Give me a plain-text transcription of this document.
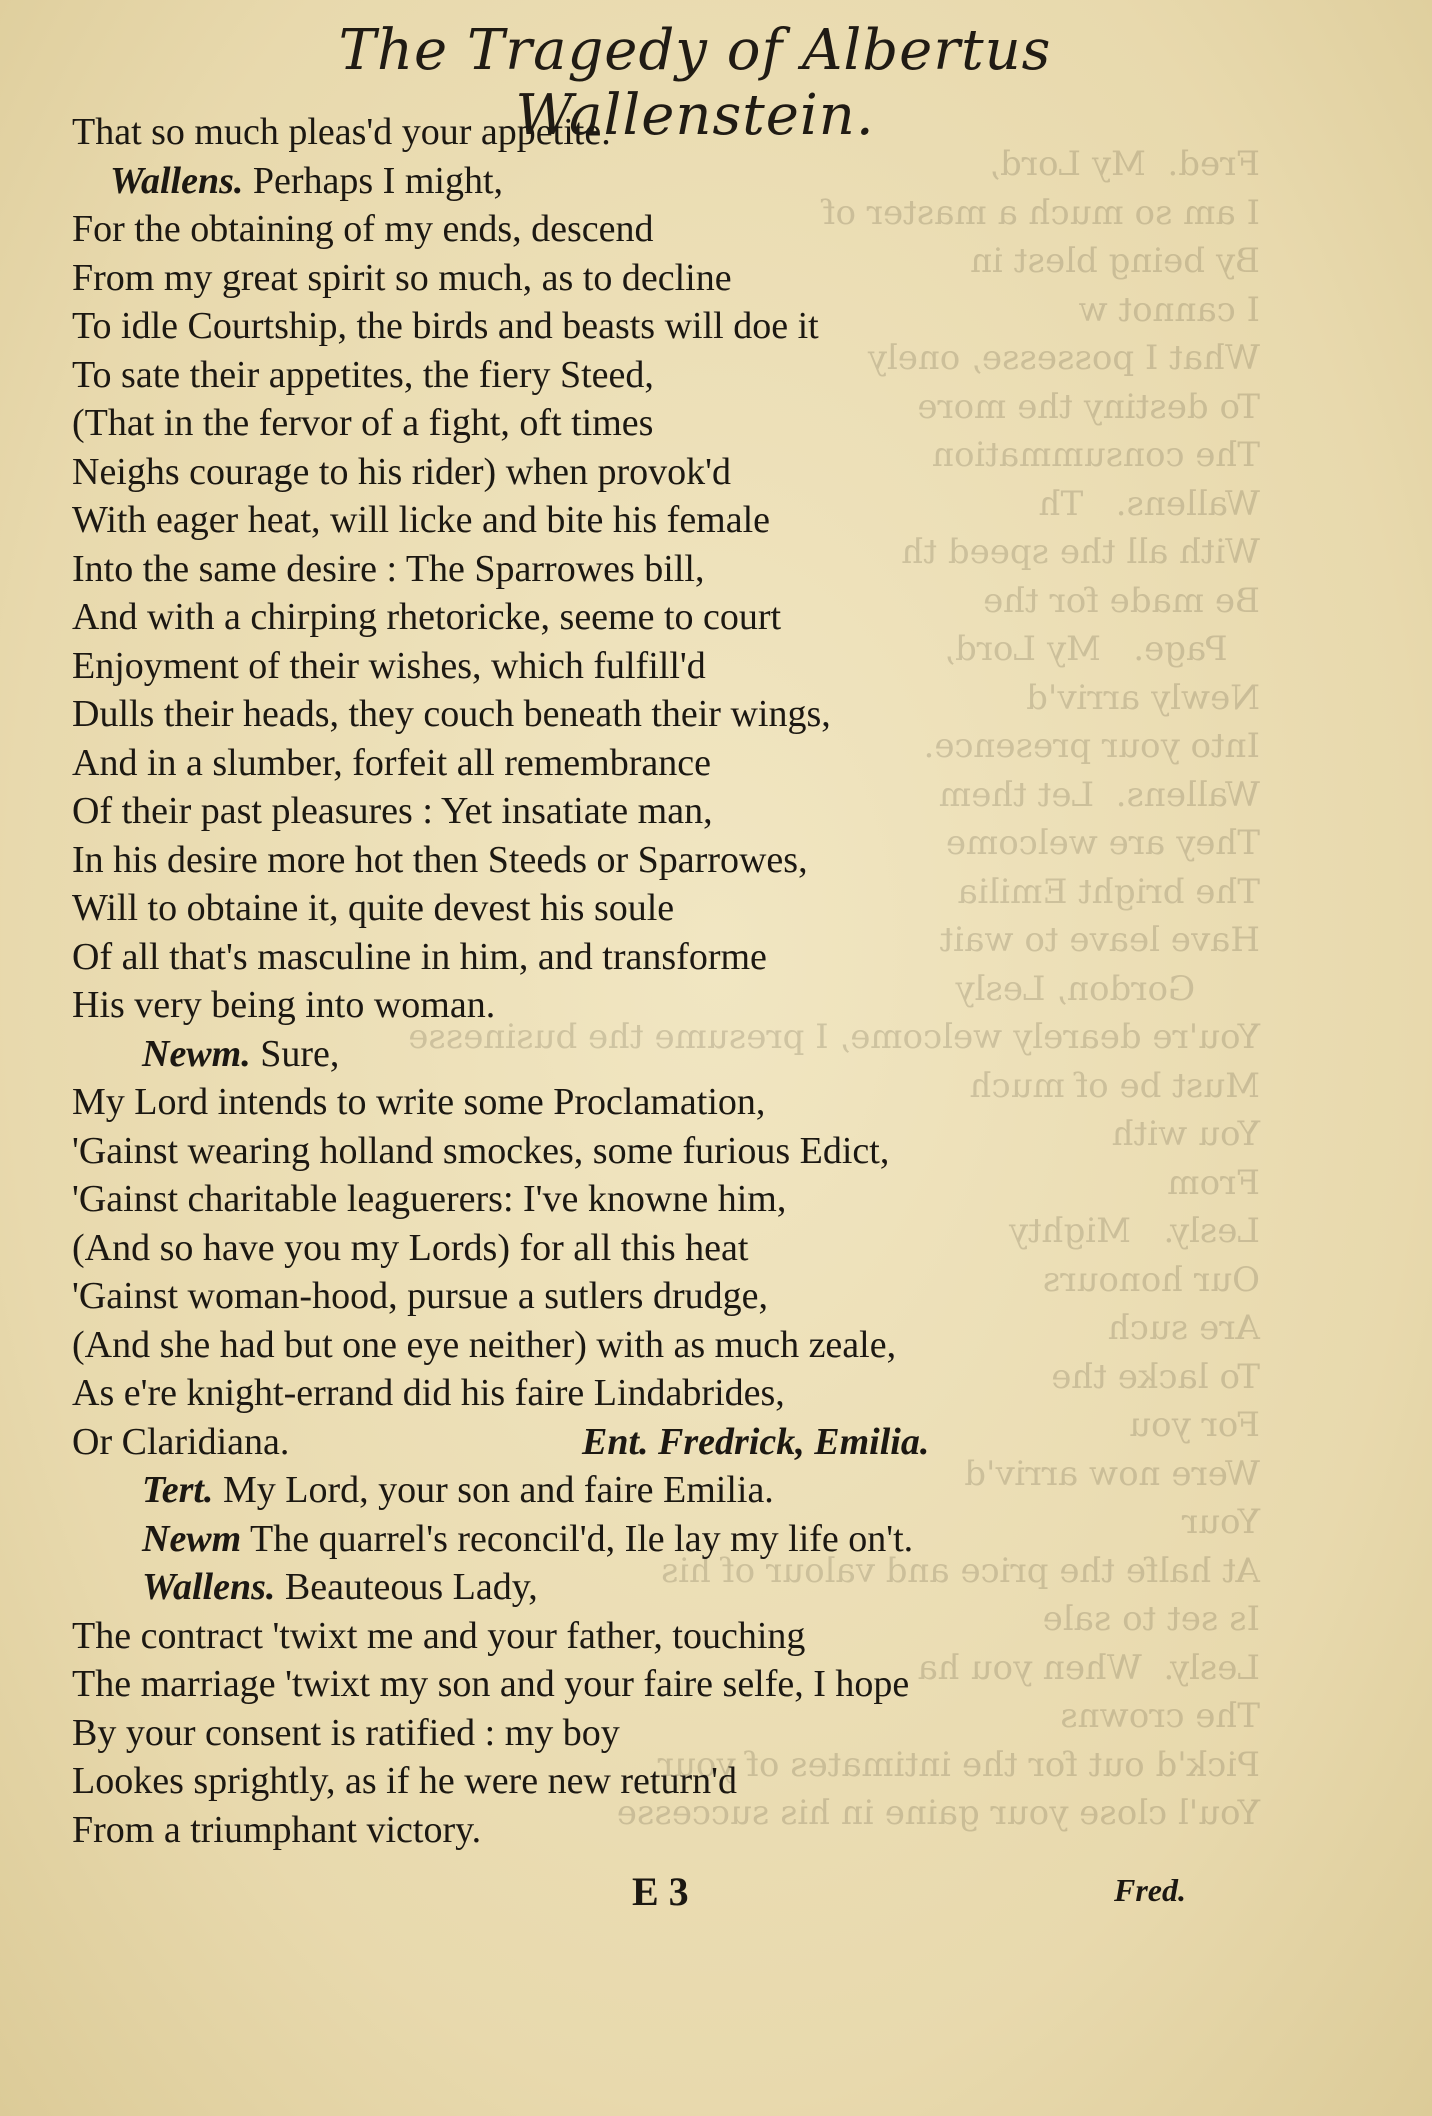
Fred.  My Lord,
I am so much a master of
By being blest in
I cannot w
What I possesse, onely
To destiny the more
The consummation
Wallens.   Th
With all the speed th
Be made for the
Page.   My Lord,
Newly arriv'd
Into your presence.
Wallens.  Let them
They are welcome
The bright Emilia
Have leave to wait
Gordon, Lesly
You're dearely welcome, I presume the businesse
Must be of much
You with
From
Lesly.   Mighty
Our honours
Are such
To lacke the
For you
Were now arriv'd
Your
At halfe the price and valour of his
Is set to sale
Lesly.  When you ha
The crowns
Pick'd out for the intimates of your
You'l close your gaine in his successe
The Tragedy of Albertus Wallenstein.
That so much pleas'd your appetite.
Wallens. Perhaps I might,
For the obtaining of my ends, descend
From my great spirit so much, as to decline
To idle Courtship, the birds and beasts will doe it
To sate their appetites, the fiery Steed,
(That in the fervor of a fight, oft times
Neighs courage to his rider) when provok'd
With eager heat, will licke and bite his female
Into the same desire : The Sparrowes bill,
And with a chirping rhetoricke, seeme to court
Enjoyment of their wishes, which fulfill'd
Dulls their heads, they couch beneath their wings,
And in a slumber, forfeit all remembrance
Of their past pleasures : Yet insatiate man,
In his desire more hot then Steeds or Sparrowes,
Will to obtaine it, quite devest his soule
Of all that's masculine in him, and transforme
His very being into woman.
Newm. Sure,
My Lord intends to write some Proclamation,
'Gainst wearing holland smockes, some furious Edict,
'Gainst charitable leaguerers: I've knowne him,
(And so have you my Lords) for all this heat
'Gainst woman-hood, pursue a sutlers drudge,
(And she had but one eye neither) with as much zeale,
As e're knight-errand did his faire Lindabrides,
Or Claridiana.	Ent. Fredrick, Emilia.
Tert. My Lord, your son and faire Emilia.
Newm The quarrel's reconcil'd, Ile lay my life on't.
Wallens. Beauteous Lady,
The contract 'twixt me and your father, touching
The marriage 'twixt my son and your faire selfe, I hope
By your consent is ratified : my boy
Lookes sprightly, as if he were new return'd
From a triumphant victory.
E 3	Fred.
